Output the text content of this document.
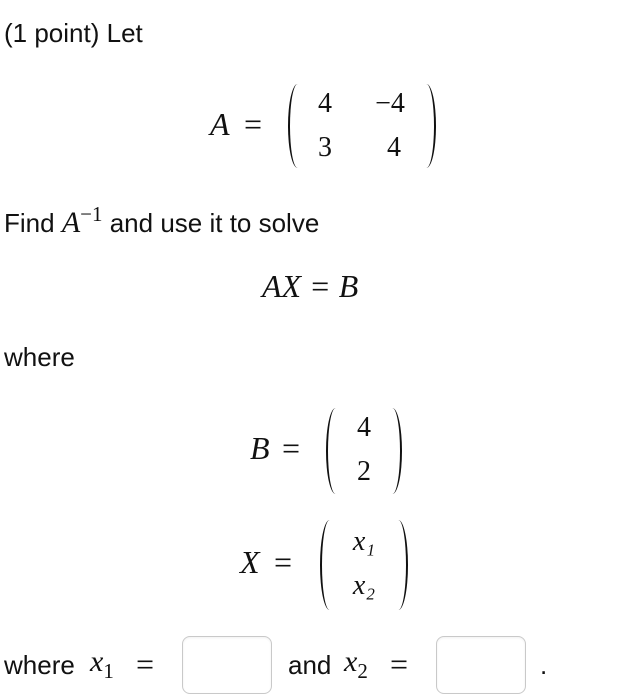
(1 point) Let
A =
4	−4
3	4
Find $A^{-1}$ and use it to solve
AX = B
where
B =
4
2
X =
x₁
x₂
where $x_1$ =	and $x_2$ =	.
